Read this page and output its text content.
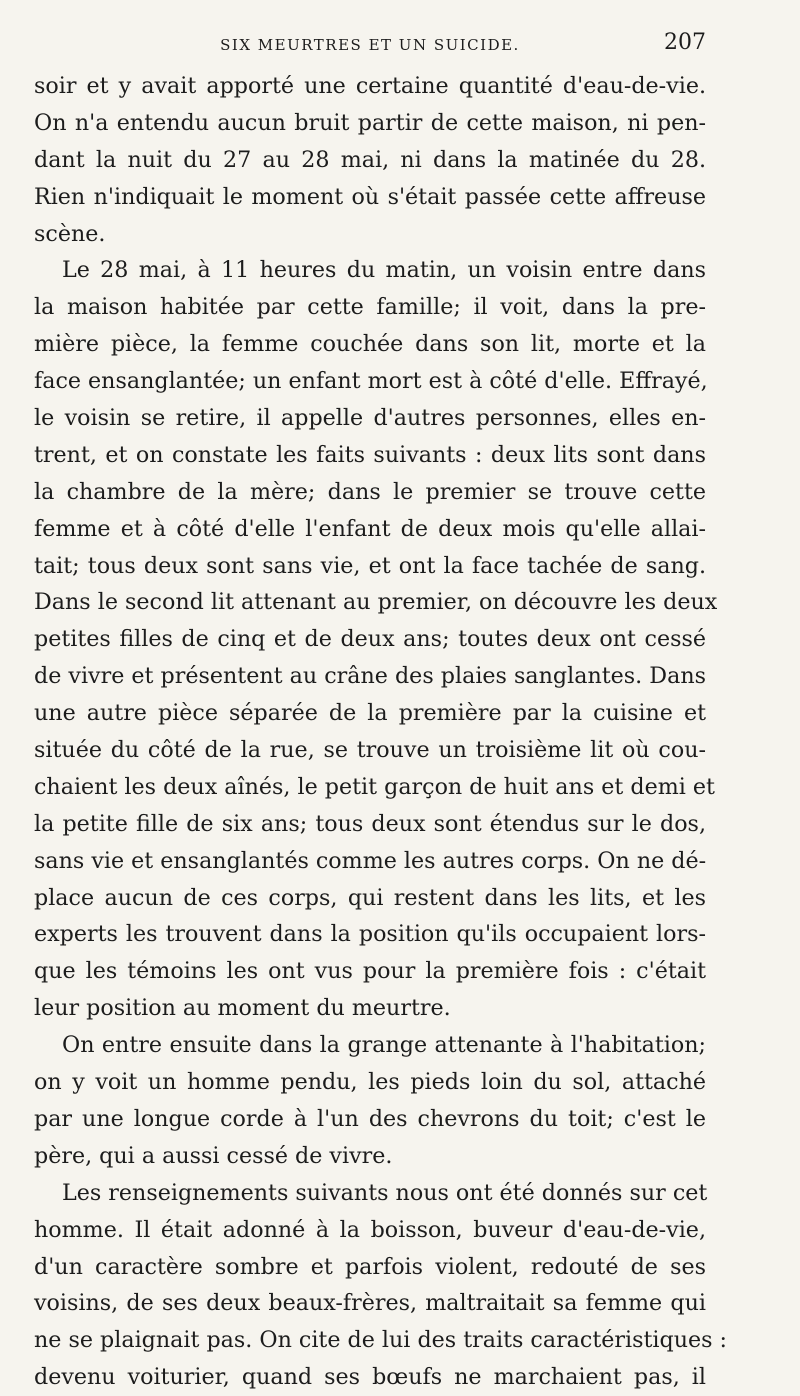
SIX MEURTRES ET UN SUICIDE.	207
soir et y avait apporté une certaine quantité d'eau-de-vie.
On n'a entendu aucun bruit partir de cette maison, ni pen-
dant la nuit du 27 au 28 mai, ni dans la matinée du 28.
Rien n'indiquait le moment où s'était passée cette affreuse
scène.
Le 28 mai, à 11 heures du matin, un voisin entre dans
la maison habitée par cette famille; il voit, dans la pre-
mière pièce, la femme couchée dans son lit, morte et la
face ensanglantée; un enfant mort est à côté d'elle. Effrayé,
le voisin se retire, il appelle d'autres personnes, elles en-
trent, et on constate les faits suivants : deux lits sont dans
la chambre de la mère; dans le premier se trouve cette
femme et à côté d'elle l'enfant de deux mois qu'elle allai-
tait; tous deux sont sans vie, et ont la face tachée de sang.
Dans le second lit attenant au premier, on découvre les deux
petites filles de cinq et de deux ans; toutes deux ont cessé
de vivre et présentent au crâne des plaies sanglantes. Dans
une autre pièce séparée de la première par la cuisine et
située du côté de la rue, se trouve un troisième lit où cou-
chaient les deux aînés, le petit garçon de huit ans et demi et
la petite fille de six ans; tous deux sont étendus sur le dos,
sans vie et ensanglantés comme les autres corps. On ne dé-
place aucun de ces corps, qui restent dans les lits, et les
experts les trouvent dans la position qu'ils occupaient lors-
que les témoins les ont vus pour la première fois : c'était
leur position au moment du meurtre.
On entre ensuite dans la grange attenante à l'habitation;
on y voit un homme pendu, les pieds loin du sol, attaché
par une longue corde à l'un des chevrons du toit; c'est le
père, qui a aussi cessé de vivre.
Les renseignements suivants nous ont été donnés sur cet
homme. Il était adonné à la boisson, buveur d'eau-de-vie,
d'un caractère sombre et parfois violent, redouté de ses
voisins, de ses deux beaux-frères, maltraitait sa femme qui
ne se plaignait pas. On cite de lui des traits caractéristiques :
devenu voiturier, quand ses bœufs ne marchaient pas, il
